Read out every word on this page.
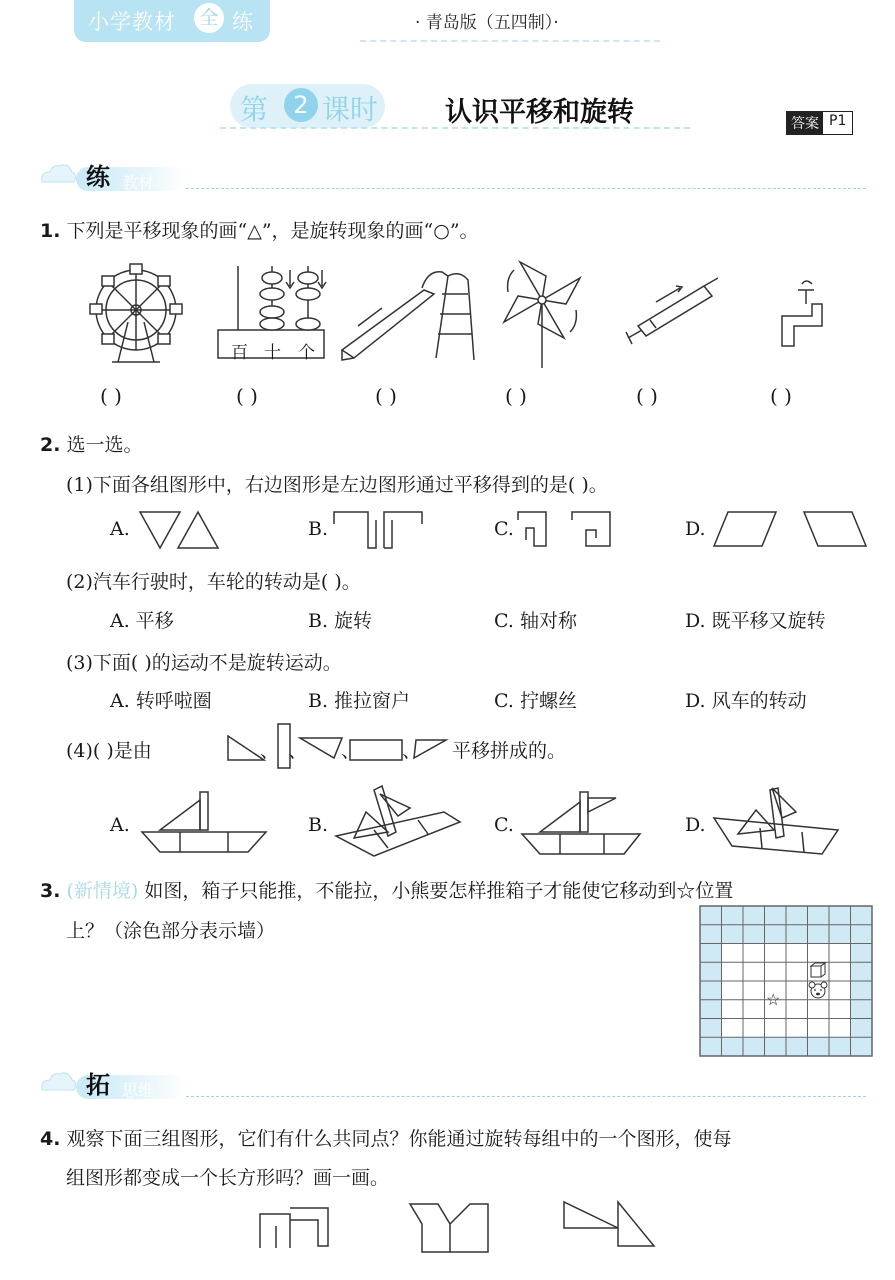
小学教材 全 练	· 青岛版（五四制）·
第	2 课时 认识平移和旋转	答案 P1
练 教材
1. 下列是平移现象的画“△”，是旋转现象的画“○”。
百 十 个
( )	( )	( )	( )	( )	( )
2. 选一选。
(1)下面各组图形中，右边图形是左边图形通过平移得到的是( )。
A.	B.	C.	D.
(2)汽车行驶时，车轮的转动是( )。
A. 平移	B. 旋转	C. 轴对称	D. 既平移又旋转
(3)下面( )的运动不是旋转运动。
A. 转呼啦圈	B. 推拉窗户	C. 拧螺丝	D. 风车的转动
(4)( )是由	、 、 、 、 平移拼成的。
A.	B.	C.	D.
3. (新情境) 如图，箱子只能推，不能拉，小熊要怎样推箱子才能使它移动到☆位置
上？（涂色部分表示墙）
☆
拓 思维
4. 观察下面三组图形，它们有什么共同点？你能通过旋转每组中的一个图形，使每
组图形都变成一个长方形吗？画一画。
